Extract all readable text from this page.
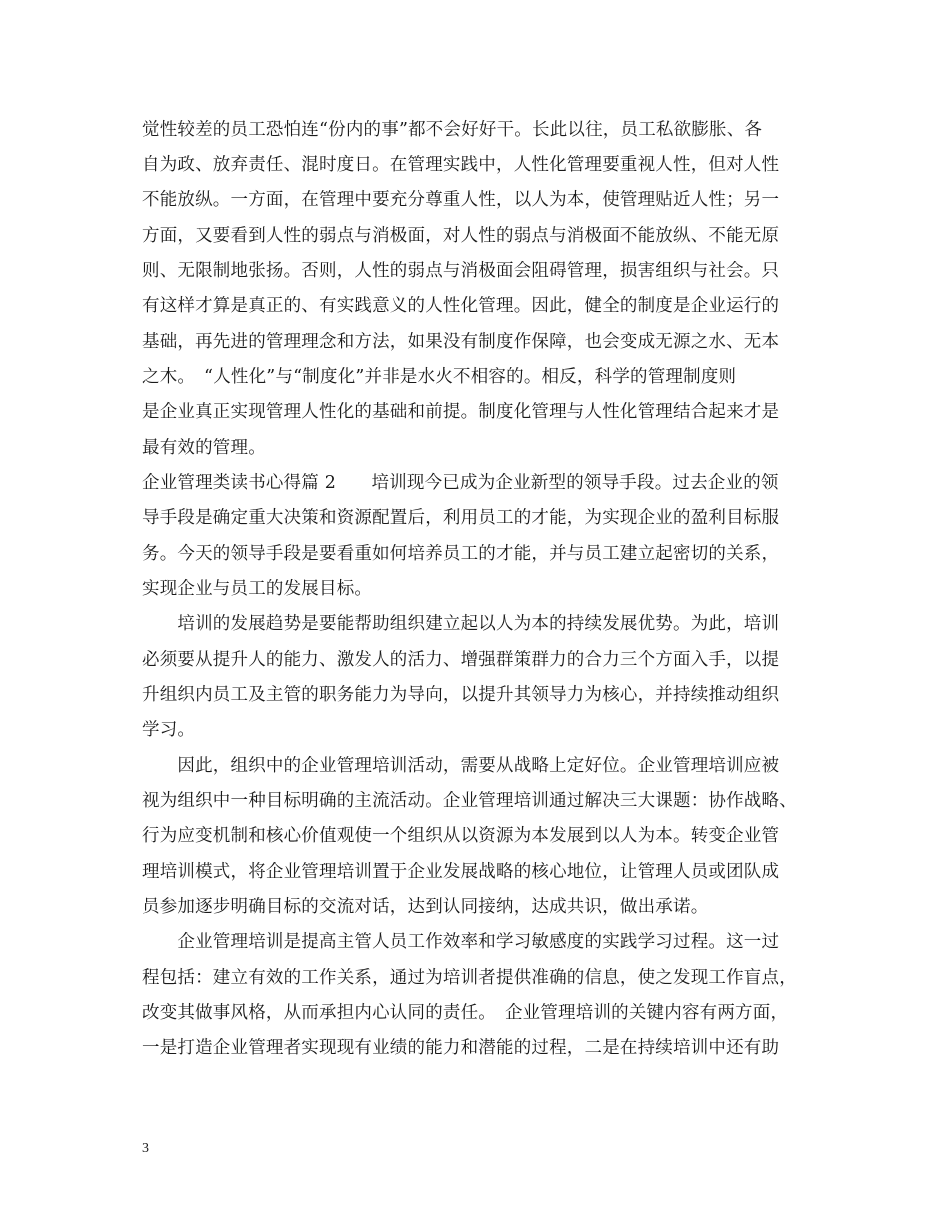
觉性较差的员工恐怕连“份内的事”都不会好好干。长此以往，员工私欲膨胀、各
自为政、放弃责任、混时度日。在管理实践中，人性化管理要重视人性，但对人性
不能放纵。一方面，在管理中要充分尊重人性，以人为本，使管理贴近人性；另一
方面，又要看到人性的弱点与消极面，对人性的弱点与消极面不能放纵、不能无原
则、无限制地张扬。否则，人性的弱点与消极面会阻碍管理，损害组织与社会。只
有这样才算是真正的、有实践意义的人性化管理。因此，健全的制度是企业运行的
基础，再先进的管理理念和方法，如果没有制度作保障，也会变成无源之水、无本
之木。　“人性化”与“制度化”并非是水火不相容的。相反，科学的管理制度则
是企业真正实现管理人性化的基础和前提。制度化管理与人性化管理结合起来才是
最有效的管理。
企业管理类读书心得篇 2　　培训现今已成为企业新型的领导手段。过去企业的领
导手段是确定重大决策和资源配置后，利用员工的才能，为实现企业的盈利目标服
务。今天的领导手段是要看重如何培养员工的才能，并与员工建立起密切的关系，
实现企业与员工的发展目标。
　　培训的发展趋势是要能帮助组织建立起以人为本的持续发展优势。为此，培训
必须要从提升人的能力、激发人的活力、增强群策群力的合力三个方面入手，以提
升组织内员工及主管的职务能力为导向，以提升其领导力为核心，并持续推动组织
学习。
　　因此，组织中的企业管理培训活动，需要从战略上定好位。企业管理培训应被
视为组织中一种目标明确的主流活动。企业管理培训通过解决三大课题：协作战略、
行为应变机制和核心价值观使一个组织从以资源为本发展到以人为本。转变企业管
理培训模式，将企业管理培训置于企业发展战略的核心地位，让管理人员或团队成
员参加逐步明确目标的交流对话，达到认同接纳，达成共识，做出承诺。
　　企业管理培训是提高主管人员工作效率和学习敏感度的实践学习过程。这一过
程包括：建立有效的工作关系，通过为培训者提供准确的信息，使之发现工作盲点，
改变其做事风格，从而承担内心认同的责任。　企业管理培训的关键内容有两方面，
一是打造企业管理者实现现有业绩的能力和潜能的过程，二是在持续培训中还有助
3
